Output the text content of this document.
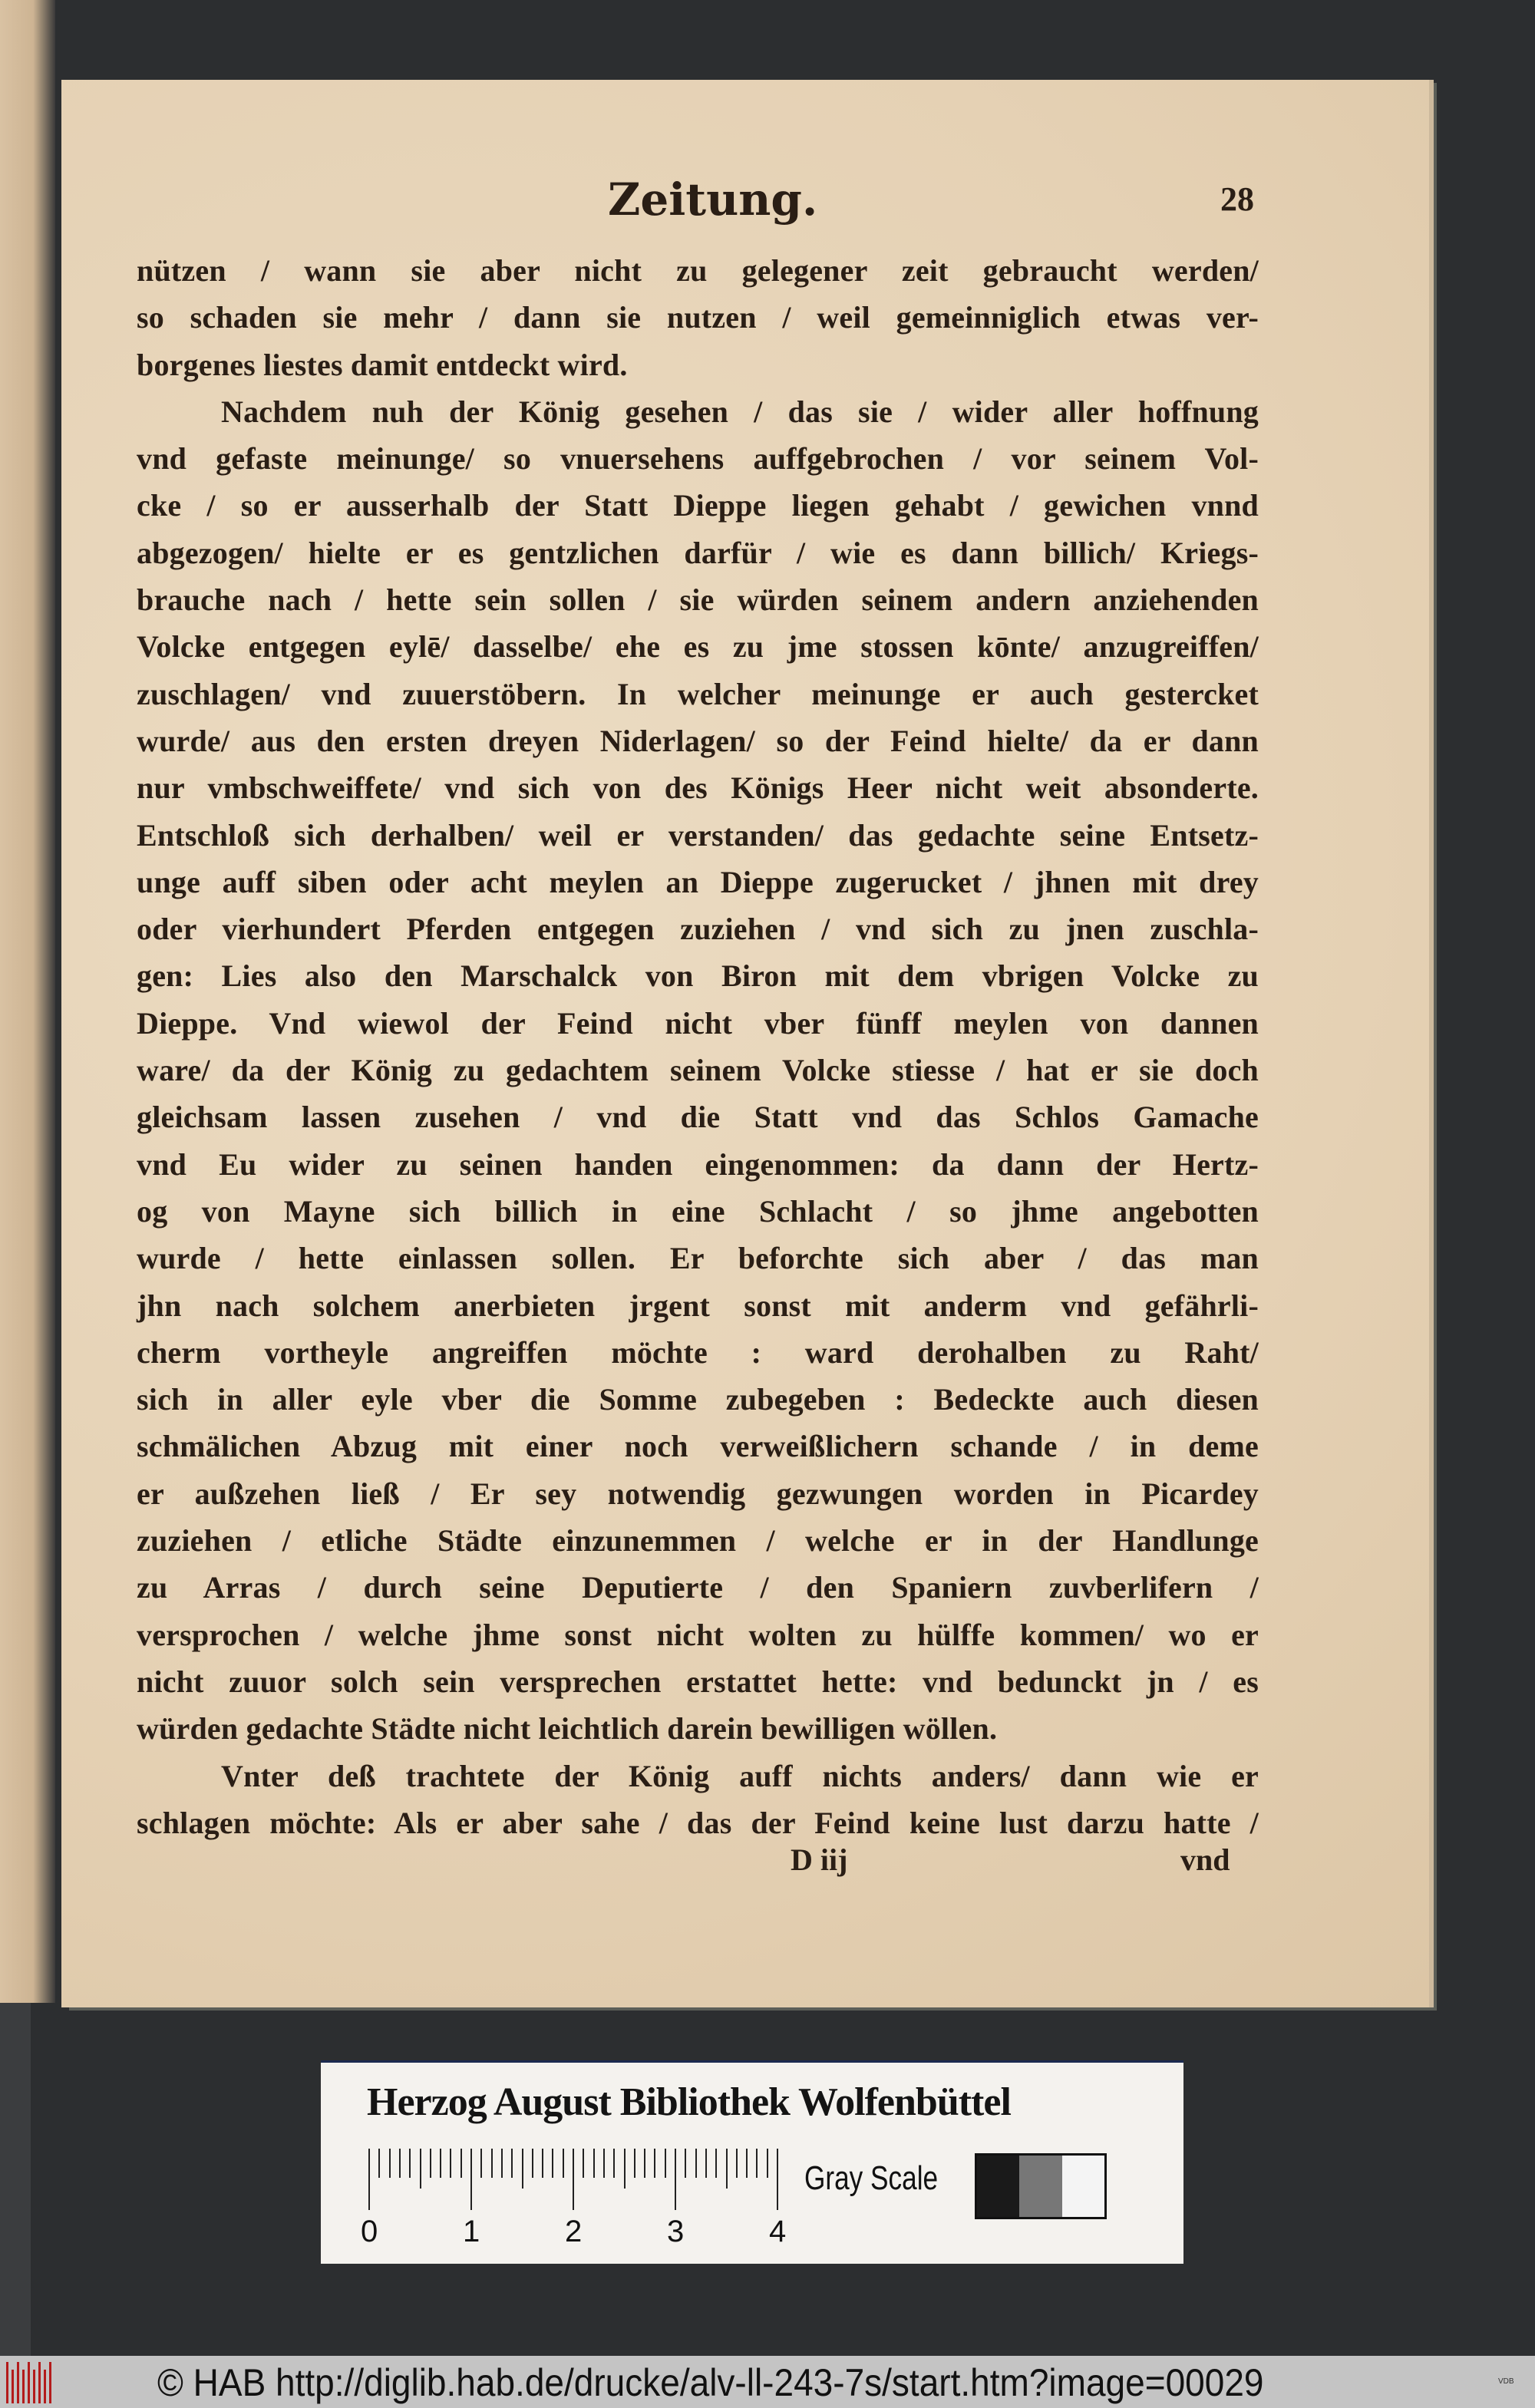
Zeitung.	28
nützen / wann sie aber nicht zu gelegener zeit gebraucht werden/
so schaden sie mehr / dann sie nutzen / weil gemeinniglich etwas ver-
borgenes liestes damit entdeckt wird.
Nachdem nuh der König gesehen / das sie / wider aller hoffnung
vnd gefaste meinunge/ so vnuersehens auffgebrochen / vor seinem Vol-
cke / so er ausserhalb der Statt Dieppe liegen gehabt / gewichen vnnd
abgezogen/ hielte er es gentzlichen darfür / wie es dann billich/ Kriegs-
brauche nach / hette sein sollen / sie würden seinem andern anziehenden
Volcke entgegen eylē/ dasselbe/ ehe es zu jme stossen kōnte/ anzugreiffen/
zuschlagen/ vnd zuuerstöbern. In welcher meinunge er auch gestercket
wurde/ aus den ersten dreyen Niderlagen/ so der Feind hielte/ da er dann
nur vmbschweiffete/ vnd sich von des Königs Heer nicht weit absonderte.
Entschloß sich derhalben/ weil er verstanden/ das gedachte seine Entsetz-
unge auff siben oder acht meylen an Dieppe zugerucket / jhnen mit drey
oder vierhundert Pferden entgegen zuziehen / vnd sich zu jnen zuschla-
gen: Lies also den Marschalck von Biron mit dem vbrigen Volcke zu
Dieppe. Vnd wiewol der Feind nicht vber fünff meylen von dannen
ware/ da der König zu gedachtem seinem Volcke stiesse / hat er sie doch
gleichsam lassen zusehen / vnd die Statt vnd das Schlos Gamache
vnd Eu wider zu seinen handen eingenommen: da dann der Hertz-
og von Mayne sich billich in eine Schlacht / so jhme angebotten
wurde / hette einlassen sollen. Er beforchte sich aber / das man
jhn nach solchem anerbieten jrgent sonst mit anderm vnd gefährli-
cherm vortheyle angreiffen möchte : ward derohalben zu Raht/
sich in aller eyle vber die Somme zubegeben : Bedeckte auch diesen
schmälichen Abzug mit einer noch verweißlichern schande / in deme
er außzehen ließ / Er sey notwendig gezwungen worden in Picardey
zuziehen / etliche Städte einzunemmen / welche er in der Handlunge
zu Arras / durch seine Deputierte / den Spaniern zuvberlifern /
versprochen / welche jhme sonst nicht wolten zu hülffe kommen/ wo er
nicht zuuor solch sein versprechen erstattet hette: vnd bedunckt jn / es
würden gedachte Städte nicht leichtlich darein bewilligen wöllen.
Vnter deß trachtete der König auff nichts anders/ dann wie er
schlagen möchte: Als er aber sahe / das der Feind keine lust darzu hatte /
D iij	vnd
Herzog August Bibliothek Wolfenbüttel
Gray Scale
0	1	2	3	4
© HAB http://diglib.hab.de/drucke/alv-ll-243-7s/start.htm?image=00029	VDB
